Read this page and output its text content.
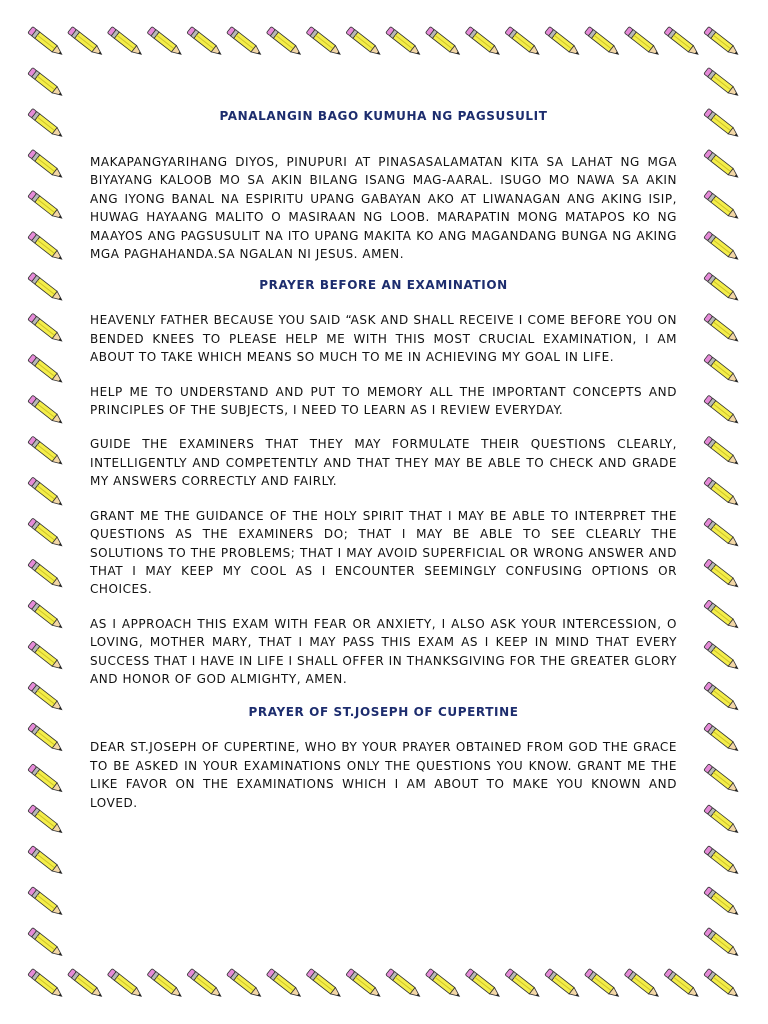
PANALANGIN BAGO KUMUHA NG PAGSUSULIT

MAKAPANGYARIHANG DIYOS, PINUPURI AT PINASASALAMATAN KITA SA LAHAT NG MGA BIYAYANG KALOOB MO SA AKIN BILANG ISANG MAG-AARAL. ISUGO MO NAWA SA AKIN ANG IYONG BANAL NA ESPIRITU UPANG GABAYAN AKO AT LIWANAGAN ANG AKING ISIP, HUWAG HAYAANG MALITO O MASIRAAN NG LOOB. MARAPATIN MONG MATAPOS KO NG MAAYOS ANG PAGSUSULIT NA ITO UPANG MAKITA KO ANG MAGANDANG BUNGA NG AKING MGA PAGHAHANDA.SA NGALAN NI JESUS. AMEN.

PRAYER BEFORE AN EXAMINATION

HEAVENLY FATHER BECAUSE YOU SAID “ASK AND SHALL RECEIVE I COME BEFORE YOU ON BENDED KNEES TO PLEASE HELP ME WITH THIS MOST CRUCIAL EXAMINATION, I AM ABOUT TO TAKE WHICH MEANS SO MUCH TO ME IN ACHIEVING MY GOAL IN LIFE.

HELP ME TO UNDERSTAND AND PUT TO MEMORY ALL THE IMPORTANT CONCEPTS AND PRINCIPLES OF THE SUBJECTS, I NEED TO LEARN AS I REVIEW EVERYDAY.

GUIDE THE EXAMINERS THAT THEY MAY FORMULATE THEIR QUESTIONS CLEARLY, INTELLIGENTLY AND COMPETENTLY AND THAT THEY MAY BE ABLE TO CHECK AND GRADE MY ANSWERS CORRECTLY AND FAIRLY.

GRANT ME THE GUIDANCE OF THE HOLY SPIRIT THAT I MAY BE ABLE TO INTERPRET THE QUESTIONS AS THE EXAMINERS DO; THAT I MAY BE ABLE TO SEE CLEARLY THE SOLUTIONS TO THE PROBLEMS; THAT I MAY AVOID SUPERFICIAL OR WRONG ANSWER AND THAT I MAY KEEP MY COOL AS I ENCOUNTER SEEMINGLY CONFUSING OPTIONS OR CHOICES.

AS I APPROACH THIS EXAM WITH FEAR OR ANXIETY, I ALSO ASK YOUR INTERCESSION, O LOVING, MOTHER MARY, THAT I MAY PASS THIS EXAM AS I KEEP IN MIND THAT EVERY SUCCESS THAT I HAVE IN LIFE I SHALL OFFER IN THANKSGIVING FOR THE GREATER GLORY AND HONOR OF GOD ALMIGHTY, AMEN.

PRAYER OF ST.JOSEPH OF CUPERTINE

DEAR ST.JOSEPH OF CUPERTINE, WHO BY YOUR PRAYER OBTAINED FROM GOD THE GRACE TO BE ASKED IN YOUR EXAMINATIONS ONLY THE QUESTIONS YOU KNOW. GRANT ME THE LIKE FAVOR ON THE EXAMINATIONS WHICH I AM ABOUT TO MAKE YOU KNOWN AND LOVED.
